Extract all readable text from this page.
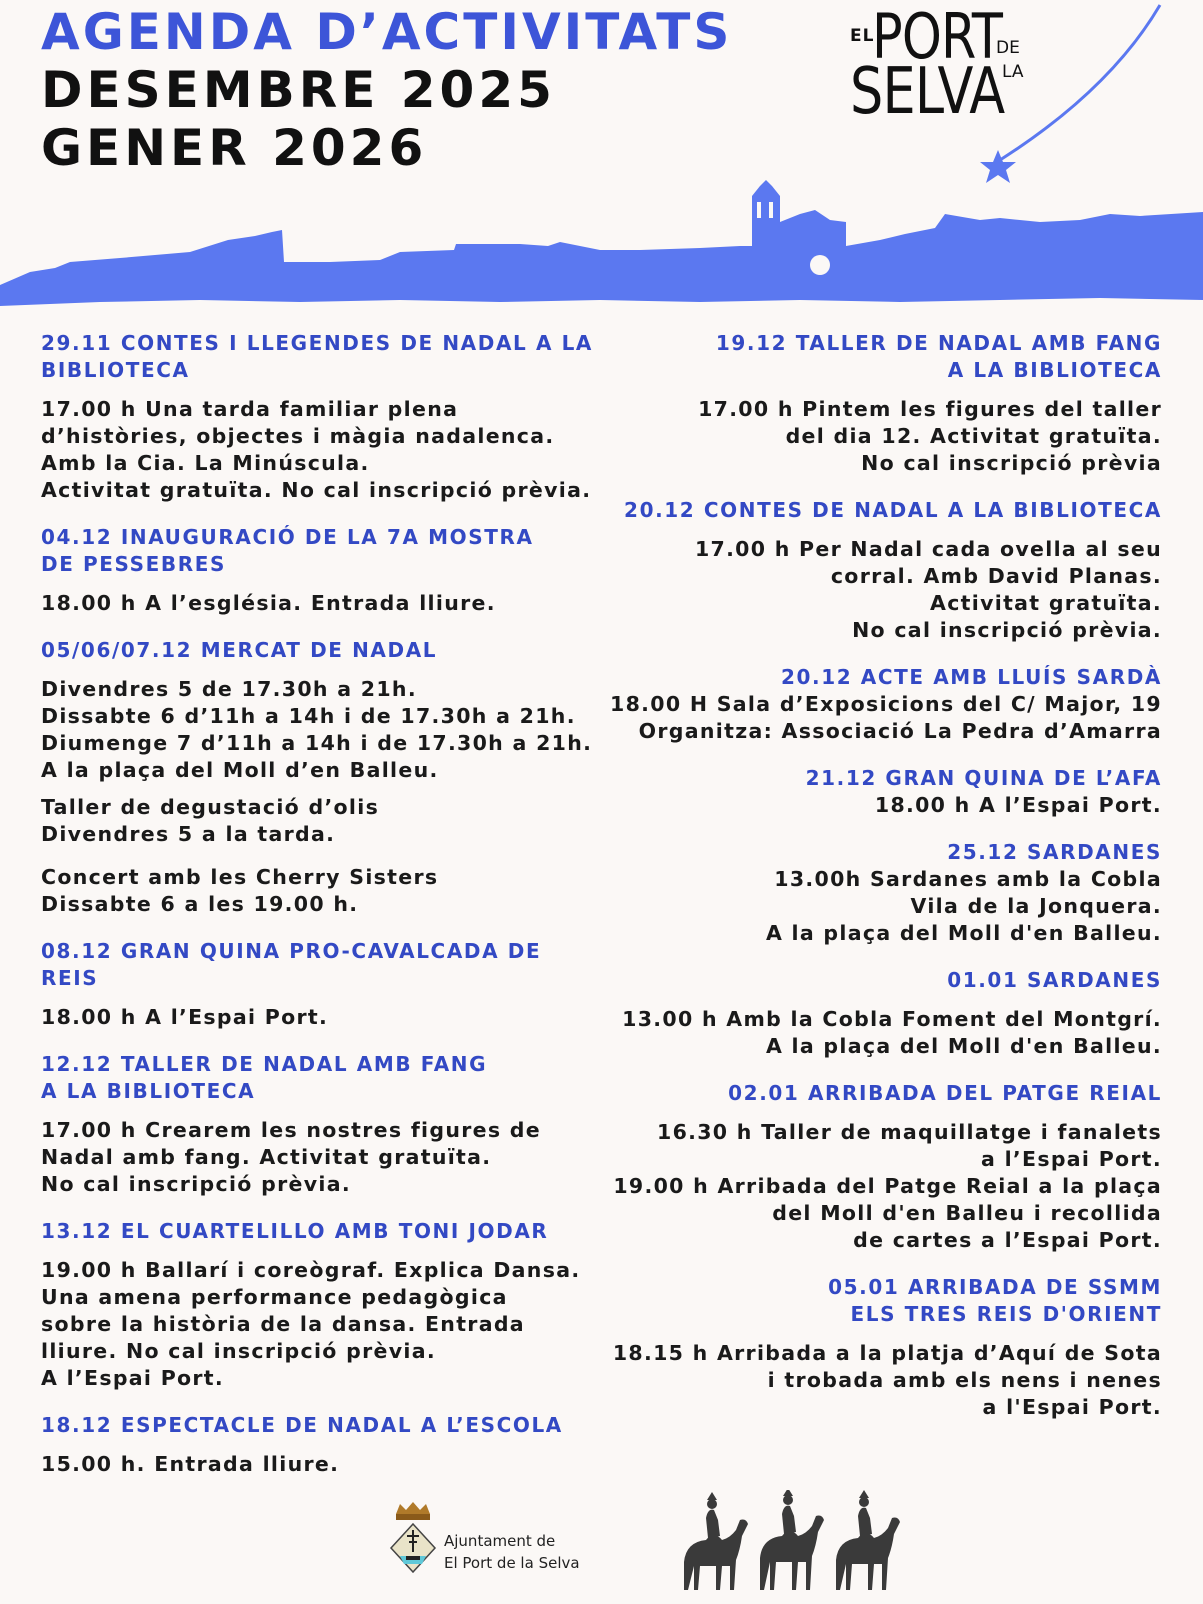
AGENDA D’ACTIVITATS
DESEMBRE 2025
GENER 2026
EL
PORT
DE
LA
SELVA
29.11 CONTES I LLEGENDES DE NADAL A LA
BIBLIOTECA
17.00 h Una tarda familiar plena
d’històries, objectes i màgia nadalenca.
Amb la Cia. La Minúscula.
Activitat gratuïta. No cal inscripció prèvia.
04.12 INAUGURACIÓ DE LA 7A MOSTRA
DE PESSEBRES
18.00 h A l’església. Entrada lliure.
05/06/07.12 MERCAT DE NADAL
Divendres 5 de 17.30h a 21h.
Dissabte 6 d’11h a 14h i de 17.30h a 21h.
Diumenge 7 d’11h a 14h i de 17.30h a 21h.
A la plaça del Moll d’en Balleu.
Taller de degustació d’olis
Divendres 5 a la tarda.
Concert amb les Cherry Sisters
Dissabte 6 a les 19.00 h.
08.12 GRAN QUINA PRO-CAVALCADA DE REIS
18.00 h A l’Espai Port.
12.12 TALLER DE NADAL AMB FANG
A LA BIBLIOTECA
17.00 h Crearem les nostres figures de
Nadal amb fang. Activitat gratuïta.
No cal inscripció prèvia.
13.12 EL CUARTELILLO AMB TONI JODAR
19.00 h Ballarí i coreògraf. Explica Dansa.
Una amena performance pedagògica
sobre la història de la dansa. Entrada
lliure. No cal inscripció prèvia.
A l’Espai Port.
18.12 ESPECTACLE DE NADAL A L’ESCOLA
15.00 h. Entrada lliure.
19.12 TALLER DE NADAL AMB FANG
A LA BIBLIOTECA
17.00 h Pintem les figures del taller
del dia 12. Activitat gratuïta.
No cal inscripció prèvia
20.12 CONTES DE NADAL A LA BIBLIOTECA
17.00 h Per Nadal cada ovella al seu
corral. Amb David Planas.
Activitat gratuïta.
No cal inscripció prèvia.
20.12 ACTE AMB LLUÍS SARDÀ
18.00 H Sala d’Exposicions del C/ Major, 19
Organitza: Associació La Pedra d’Amarra
21.12 GRAN QUINA DE L’AFA
18.00 h A l’Espai Port.
25.12 SARDANES
13.00h Sardanes amb la Cobla
Vila de la Jonquera.
A la plaça del Moll d'en Balleu.
01.01 SARDANES
13.00 h Amb la Cobla Foment del Montgrí.
A la plaça del Moll d'en Balleu.
02.01 ARRIBADA DEL PATGE REIAL
16.30 h Taller de maquillatge i fanalets
a l’Espai Port.
19.00 h Arribada del Patge Reial a la plaça
del Moll d'en Balleu i recollida
de cartes a l’Espai Port.
05.01 ARRIBADA DE SSMM
ELS TRES REIS D'ORIENT
18.15 h Arribada a la platja d’Aquí de Sota
i trobada amb els nens i nenes
a l'Espai Port.
Ajuntament de
El Port de la Selva
